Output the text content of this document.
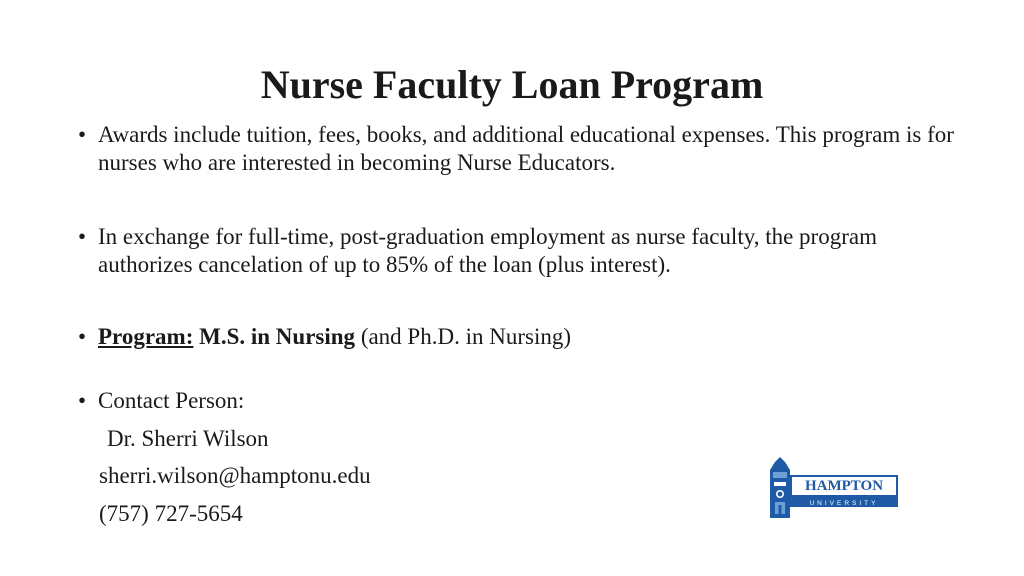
Nurse Faculty Loan Program
• Awards include tuition, fees, books, and additional educational expenses. This program is for nurses who are interested in becoming Nurse Educators.
• In exchange for full-time, post-graduation employment as nurse faculty, the program authorizes cancelation of up to 85% of the loan (plus interest).
• Program: M.S. in Nursing (and Ph.D. in Nursing)
• Contact Person:
Dr. Sherri Wilson
sherri.wilson@hamptonu.edu
(757) 727-5654
HAMPTON
UNIVERSITY
